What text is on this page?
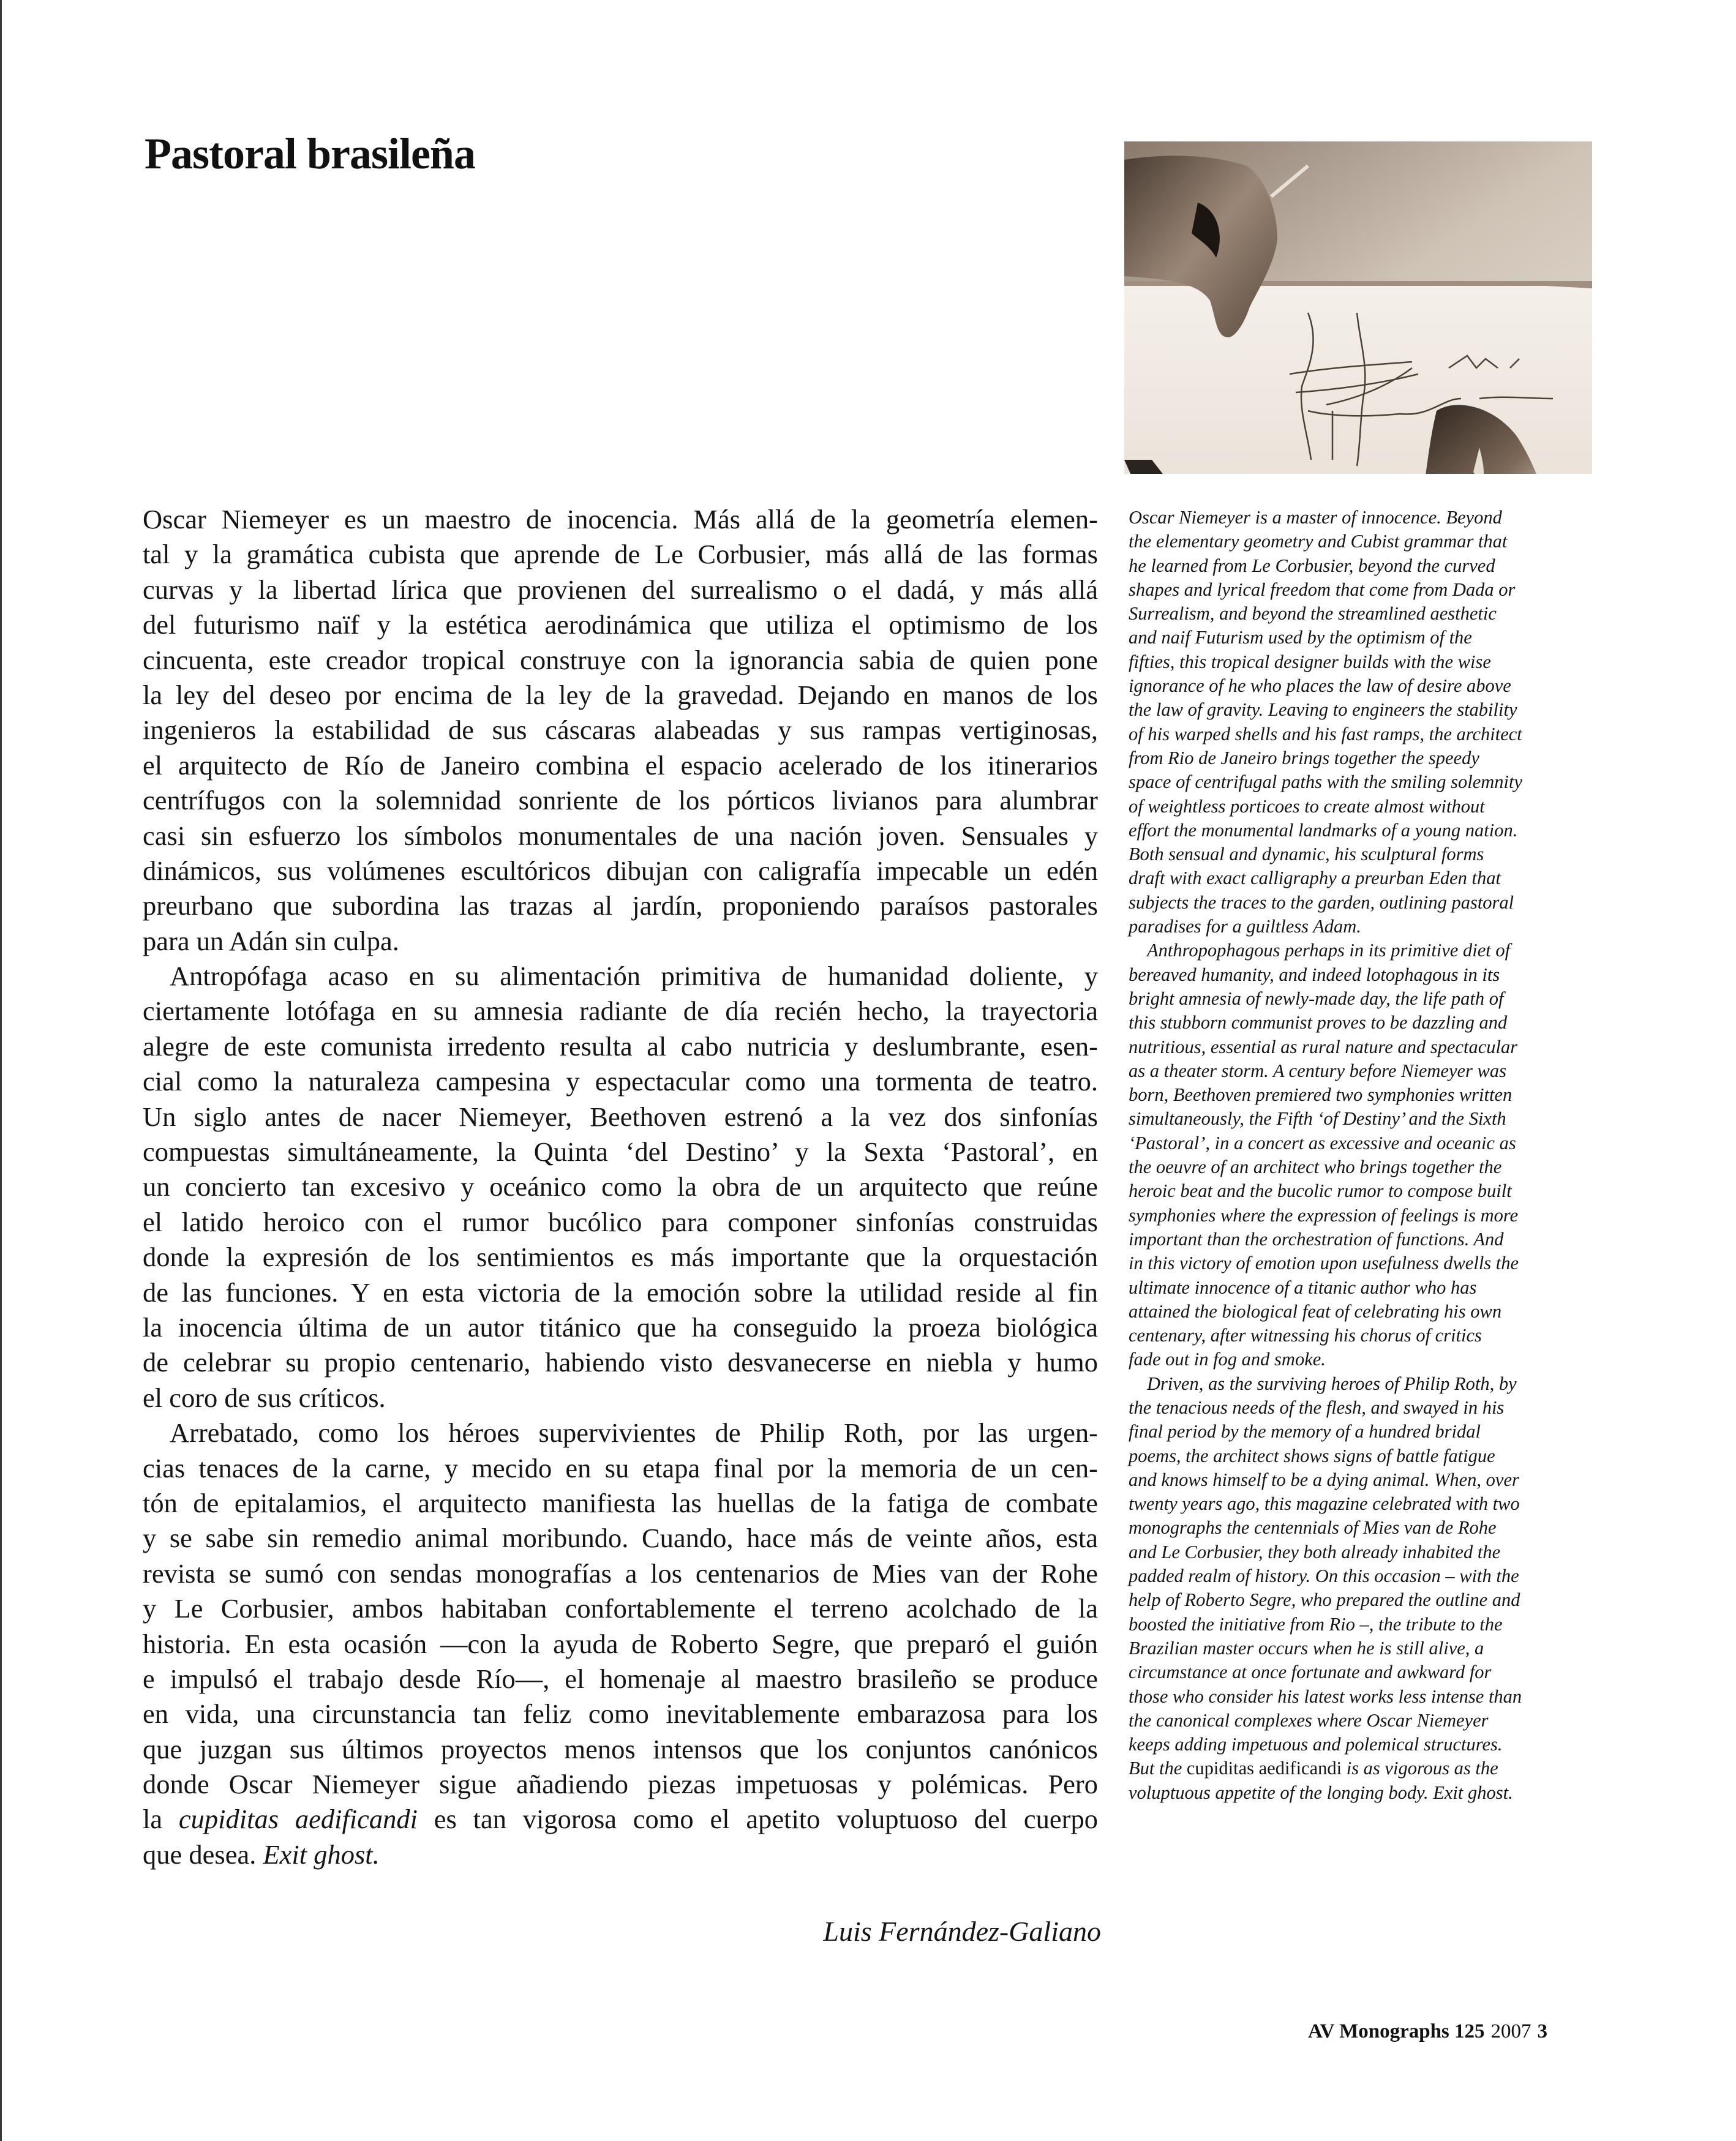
Pastoral brasileña
Oscar Niemeyer es un maestro de inocencia. Más allá de la geometría elemen-
tal y la gramática cubista que aprende de Le Corbusier, más allá de las formas
curvas y la libertad lírica que provienen del surrealismo o el dadá, y más allá
del futurismo naïf y la estética aerodinámica que utiliza el optimismo de los
cincuenta, este creador tropical construye con la ignorancia sabia de quien pone
la ley del deseo por encima de la ley de la gravedad. Dejando en manos de los
ingenieros la estabilidad de sus cáscaras alabeadas y sus rampas vertiginosas,
el arquitecto de Río de Janeiro combina el espacio acelerado de los itinerarios
centrífugos con la solemnidad sonriente de los pórticos livianos para alumbrar
casi sin esfuerzo los símbolos monumentales de una nación joven. Sensuales y
dinámicos, sus volúmenes escultóricos dibujan con caligrafía impecable un edén
preurbano que subordina las trazas al jardín, proponiendo paraísos pastorales
para un Adán sin culpa.
Antropófaga acaso en su alimentación primitiva de humanidad doliente, y
ciertamente lotófaga en su amnesia radiante de día recién hecho, la trayectoria
alegre de este comunista irredento resulta al cabo nutricia y deslumbrante, esen-
cial como la naturaleza campesina y espectacular como una tormenta de teatro.
Un siglo antes de nacer Niemeyer, Beethoven estrenó a la vez dos sinfonías
compuestas simultáneamente, la Quinta ‘del Destino’ y la Sexta ‘Pastoral’, en
un concierto tan excesivo y oceánico como la obra de un arquitecto que reúne
el latido heroico con el rumor bucólico para componer sinfonías construidas
donde la expresión de los sentimientos es más importante que la orquestación
de las funciones. Y en esta victoria de la emoción sobre la utilidad reside al fin
la inocencia última de un autor titánico que ha conseguido la proeza biológica
de celebrar su propio centenario, habiendo visto desvanecerse en niebla y humo
el coro de sus críticos.
Arrebatado, como los héroes supervivientes de Philip Roth, por las urgen-
cias tenaces de la carne, y mecido en su etapa final por la memoria de un cen-
tón de epitalamios, el arquitecto manifiesta las huellas de la fatiga de combate
y se sabe sin remedio animal moribundo. Cuando, hace más de veinte años, esta
revista se sumó con sendas monografías a los centenarios de Mies van der Rohe
y Le Corbusier, ambos habitaban confortablemente el terreno acolchado de la
historia. En esta ocasión —con la ayuda de Roberto Segre, que preparó el guión
e impulsó el trabajo desde Río—, el homenaje al maestro brasileño se produce
en vida, una circunstancia tan feliz como inevitablemente embarazosa para los
que juzgan sus últimos proyectos menos intensos que los conjuntos canónicos
donde Oscar Niemeyer sigue añadiendo piezas impetuosas y polémicas. Pero
la cupiditas aedificandi es tan vigorosa como el apetito voluptuoso del cuerpo
que desea. Exit ghost.
Oscar Niemeyer is a master of innocence. Beyond
the elementary geometry and Cubist grammar that
he learned from Le Corbusier, beyond the curved
shapes and lyrical freedom that come from Dada or
Surrealism, and beyond the streamlined aesthetic
and naif Futurism used by the optimism of the
fifties, this tropical designer builds with the wise
ignorance of he who places the law of desire above
the law of gravity. Leaving to engineers the stability
of his warped shells and his fast ramps, the architect
from Rio de Janeiro brings together the speedy
space of centrifugal paths with the smiling solemnity
of weightless porticoes to create almost without
effort the monumental landmarks of a young nation.
Both sensual and dynamic, his sculptural forms
draft with exact calligraphy a preurban Eden that
subjects the traces to the garden, outlining pastoral
paradises for a guiltless Adam.
Anthropophagous perhaps in its primitive diet of
bereaved humanity, and indeed lotophagous in its
bright amnesia of newly-made day, the life path of
this stubborn communist proves to be dazzling and
nutritious, essential as rural nature and spectacular
as a theater storm. A century before Niemeyer was
born, Beethoven premiered two symphonies written
simultaneously, the Fifth ‘of Destiny’ and the Sixth
‘Pastoral’, in a concert as excessive and oceanic as
the oeuvre of an architect who brings together the
heroic beat and the bucolic rumor to compose built
symphonies where the expression of feelings is more
important than the orchestration of functions. And
in this victory of emotion upon usefulness dwells the
ultimate innocence of a titanic author who has
attained the biological feat of celebrating his own
centenary, after witnessing his chorus of critics
fade out in fog and smoke.
Driven, as the surviving heroes of Philip Roth, by
the tenacious needs of the flesh, and swayed in his
final period by the memory of a hundred bridal
poems, the architect shows signs of battle fatigue
and knows himself to be a dying animal. When, over
twenty years ago, this magazine celebrated with two
monographs the centennials of Mies van de Rohe
and Le Corbusier, they both already inhabited the
padded realm of history. On this occasion – with the
help of Roberto Segre, who prepared the outline and
boosted the initiative from Rio –, the tribute to the
Brazilian master occurs when he is still alive, a
circumstance at once fortunate and awkward for
those who consider his latest works less intense than
the canonical complexes where Oscar Niemeyer
keeps adding impetuous and polemical structures.
But the cupiditas aedificandi is as vigorous as the
voluptuous appetite of the longing body. Exit ghost.
Luis Fernández-Galiano
AV Monographs 125 2007 3
